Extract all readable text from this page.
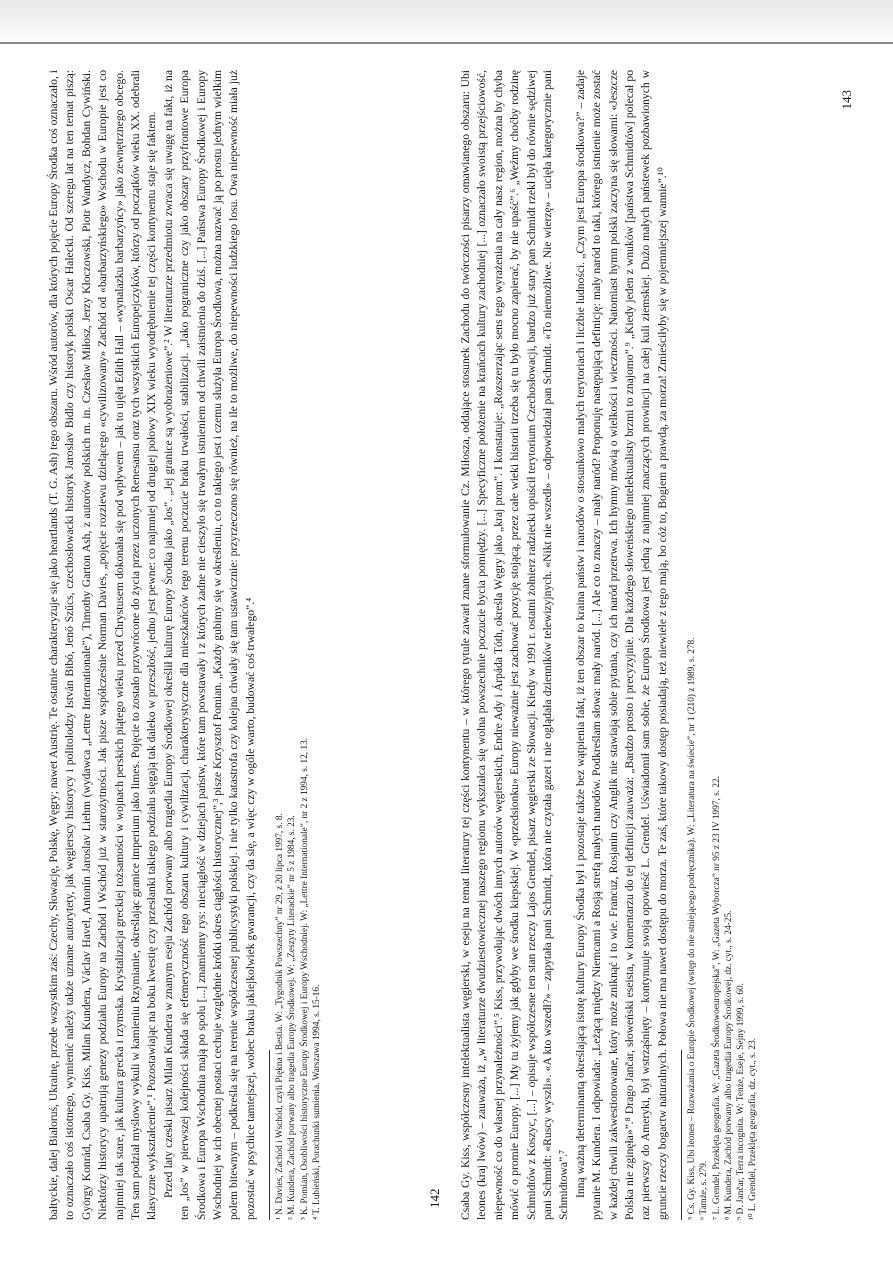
bałtyckie, dalej Białoruś, Ukrainę, przede wszystkim zaś: Czechy, Słowację, Polskę, Węgry; nawet Austrię. Te ostatnie charakteryzuje się jako heartlands (T. G. Ash) tego obszaru. Wśród autorów, dla których pojęcie Europy Środka coś oznaczało, i to oznaczało coś istotnego, wymienić należy także uznane autorytety, jak węgierscy historycy i politolodzy István Bibó, Jenő Szűcs, czechosłowacki historyk Jaroslav Bidlo czy historyk polski Oscar Halecki. Od szeregu lat na ten temat piszą: György Konrád, Csaba Gy. Kiss, Milan Kundera, Václav Havel, Antonín Jaroslav Liehm (wydawca „Lettre Internationale”), Timothy Garton Ash, z autorów polskich m. in. Czesław Miłosz, Jerzy Kłoczowski, Piotr Wandycz, Bohdan Cywiński. Niektórzy historycy upatrują genezy podziału Europy na Zachód i Wschód już w starożytności. Jak pisze współcześnie Norman Davies, „pojęcie rozziewu dzielącego «cywilizowany» Zachód od «barbarzyńskiego» Wschodu w Europie jest co najmniej tak stare, jak kultura grecka i rzymska. Krystalizacja greckiej tożsamości w wojnach perskich piątego wieku przed Chrystusem dokonała się pod wpływem – jak to ujęła Edith Hall – «wynalazku barbarzyńcy» jako zewnętrznego obcego. Ten sam podział myślowy wykuli w kamieniu Rzymianie, określając granice imperium jako limes. Pojęcie to zostało przywrócone do życia przez uczonych Renesansu oraz tych wszystkich Europejczyków, którzy od początków wieku XX. odebrali klasyczne wykształcenie”.¹ Pozostawiając na boku kwestię czy przesłanki takiego podziału sięgają tak daleko w przeszłość, jedno jest pewne: co najmniej od drugiej połowy XIX wieku wyodrębnienie tej części kontynentu staje się faktem. Przed laty czeski pisarz Milan Kundera w znanym eseju Zachód porwany albo tragedia Europy Środkowej określił kulturę Europy Środka jako „los”. „Jej granice są wyobrażeniowe”.² W literaturze przedmiotu zwraca się uwagę na fakt, iż na ten „los” w pierwszej kolejności składa się efemeryczność tego obszaru kultury i cywilizacji, charakterystyczne dla mieszkańców tego terenu poczucie braku trwałości, stabilizacji. „Jako pograniczne czy jako obszary przyfrontowe Europa Środkowa i Europa Wschodnia mają po społu [...] znamienny rys: nieciągłość w dziejach państw, które tam powstawały i z których żadne nie cieszyło się trwałym istnieniem od chwili zaistnienia do dziś. [...] Państwa Europy Środkowej i Europy Wschodniej w ich obecnej postaci cechuje względnie krótki okres ciągłości historycznej”,³ pisze Krzysztof Pomian. „Każdy gubimy się w określeniu, co to takiego jest i czemu służyła Europa Środkowa, można nazwać ją po prostu jednym wielkim polem bitewnym – podkreśla się na terenie współczesnej publicystyki polskiej. I nie tylko katastrofa czy kolejna chwiały się tam ustawicznie: przyrzeczono się również, na ile to możliwe, do niepewności ludzkiego losu. Owa niepewność miała już pozostać w psychice tamtejszej, wobec braku jakiejkolwiek gwarancji, czy da się, a więc czy w ogóle warto, budować coś trwałego”.⁴ ¹ N. Davies, Zachód i Wschód, czyli Piękna i Bestia. W: „Tygodnik Powszechny” nr 29, z 20 lipca 1997, s. 8. ² M. Kundera, Zachód porwany albo tragedia Europy Środkowej. W: „Zeszyty Literackie” nr 5 z 1984, s. 23. ³ K. Pomian, Osobliwości historyczne Europy Środkowej i Europy Wschodniej. W: „Lettre Internationale”, nr 2 z 1994, s. 12, 13. ⁴ T. Lubieński, Porachunki sumienia. Warszawa 1994, s. 15-16.	142 Csaba Gy. Kiss, współczesny intelektualista węgierski, w eseju na temat literatury tej części kontynentu – w którego tytule zawarł znane sformułowanie Cz. Miłosza, oddające stosunek Zachodu do twórczości pisarzy omawianego obszaru: Ubi leones (kraj lwów) – zauważa, iż „w literaturze dwudziestowiecznej naszego regionu wykształca się wolna powszechnie poczucie bycia pomiędzy. [...] Specyficzne położenie na krańcach kultury zachodniej [...] oznaczało swoistą przejściowość, niepewność co do własnej przynależności”.⁵ Kiss, przywołując dwóch innych autorów węgierskich, Endre Ady i Árpáda Tóth, określa Węgry jako „kraj prom”. I konstatuje: „Rozszerzając sens tego wyrażenia na cały nasz region, można by chyba mówić o promie Europy. [...] My tu żyjemy jak gdyby we środku kiepskiej. W «przedsionku» Europy nieważnie jest zachować pozycję stojącą, przez całe wieki historii trzeba się tu było mocno zapierać, by nie upaść”.⁶ „Weźmy choćby rodzinę Schmidtów z Koszyc, [...] – opisuje współczesne ten stan rzeczy Lajos Grendel, pisarz węgierski ze Słowacji. Kiedy w 1991 r. ostatni żołnierz radziecki opuścił terytorium Czechosłowacji, bardzo już stary pan Schmidt rzekł był do równie sędziwej pani Schmidt: «Ruscy wyszli». «A kto wszedł?» – zapytała pani Schmidt, która nie czytała gazet i nie oglądała dzienników telewizyjnych. «Nikt nie wszedł» – odpowiedział pan Schmidt. «To niemożliwe. Nie wierzę» – ucięła kategorycznie pani Schmidtowa”.⁷ Inną ważną determinantą określającą istotę kultury Europy Środka był i pozostaje także bez wątpienia fakt, iż ten obszar to kraina państw i narodów o stosunkowo małych terytoriach i liczbie ludności. „Czym jest Europa środkowa?” – zadaje pytanie M. Kundera. I odpowiada: „Leżącą między Niemcami a Rosją strefą małych narodów. Podkreślam słowa: mały naród. [...] Ale co to znaczy – mały naród? Proponuję następującą definicję: mały naród to taki, którego istnienie może zostać w każdej chwili zakwestionowane, który może zniknąć i to wie. Francuz, Rosjanin czy Anglik nie stawiają sobie pytania, czy ich naród przetrwa. Ich hymny mówią o wielkości i wieczności. Natomiast hymn polski zaczyna się słowami: «Jeszcze Polska nie zginęła»”.⁸ Drago Jančar, słoweński eseista, w komentarzu do tej definicji zauważa: „Bardzo prosto i precyzyjnie. Dla każdego słoweńskiego intelektualisty brzmi to znajomo”.⁹ „Kiedy jeden z wnuków [państwa Schmidtów] polecał po raz pierwszy do Ameryki, był wstrząśnięty – kontynuuje swoją opowieść L. Grendel. Uświadomił sam sobie, że Europa Środkowa jest jedną z najmniej znaczących prowincji na całej kuli ziemskiej. Dużo małych państewek pozbawionych w gruncie rzeczy bogactw naturalnych. Połowa nie ma nawet dostępu do morza. Te zaś, które takowy dostęp posiadają, też niewiele z tego mają, bo cóż to, Bogiem a prawdą, za morza! Zmieściłyby się w pojemniejszej wannie”.¹⁰ ⁵ Cs. Gy. Kiss, Ubi leones – Rozważania o Europie Środkowej (wstęp do nie stniejącego podręcznika). W: „Literatura na świecie”, nr 1 (210) z 1989, s. 278. ⁶ Tamże, s. 279. ⁷ L. Grendel, Przeklęta geografia. W: „Gazeta Środkowoeuropejska”, W: „Gazeta Wyborcza” nr 95 z 23 IV 1997, s. 22. ⁸ M. Kundera, Zachód porwany albo tragedia Europy Środkowej, dz. cyt., s. 24-25. ⁹ D. Jančar, Terra incognita. W: Tenże, Eseje, Sejny 1999, s. 60. ¹⁰ L. Grendel, Przeklęta geografia, dz. cyt., s. 23.
143
